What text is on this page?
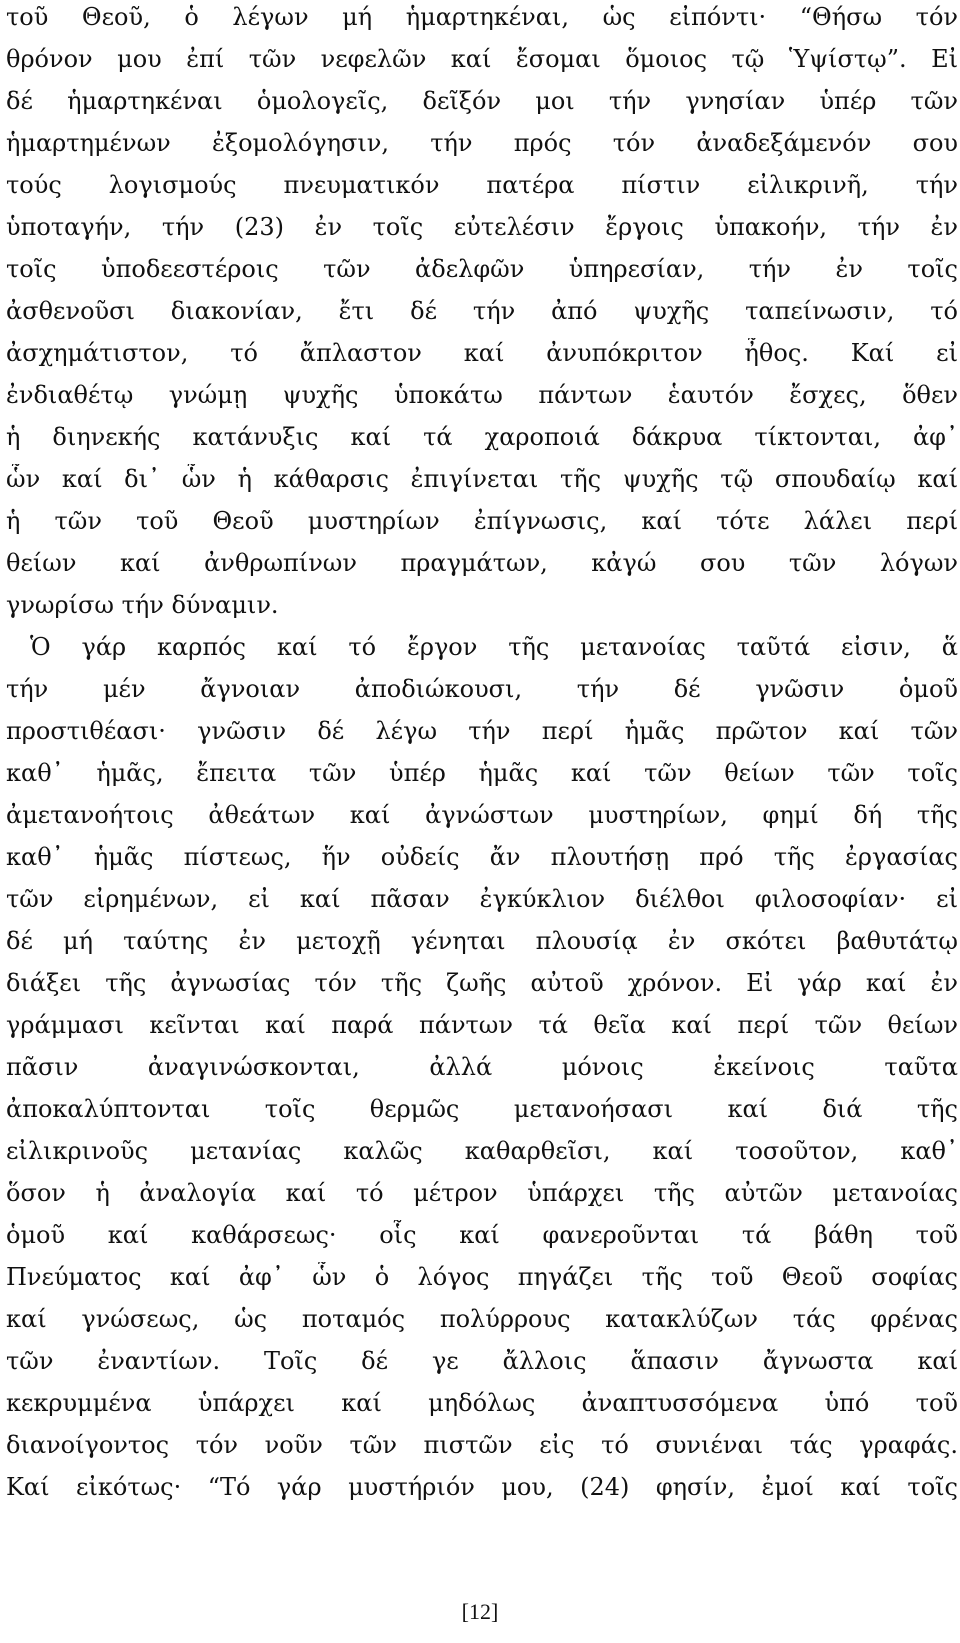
τοῦ Θεοῦ, ὁ λέγων μή ἡμαρτηκέναι, ὡς εἰπόντι· “Θήσω τόν
θρόνον μου ἐπί τῶν νεφελῶν καί ἔσομαι ὅμοιος τῷ Ὑψίστῳ”. Εἰ
δέ ἡμαρτηκέναι ὁμολογεῖς, δεῖξόν μοι τήν γνησίαν ὑπέρ τῶν
ἡμαρτημένων ἐξομολόγησιν, τήν πρός τόν ἀναδεξάμενόν σου
τούς λογισμούς πνευματικόν πατέρα πίστιν εἰλικρινῆ, τήν
ὑποταγήν, τήν (23) ἐν τοῖς εὐτελέσιν ἔργοις ὑπακοήν, τήν ἐν
τοῖς ὑποδεεστέροις τῶν ἀδελφῶν ὑπηρεσίαν, τήν ἐν τοῖς
ἀσθενοῦσι διακονίαν, ἔτι δέ τήν ἀπό ψυχῆς ταπείνωσιν, τό
ἀσχημάτιστον, τό ἄπλαστον καί ἀνυπόκριτον ἦθος. Καί εἰ
ἐνδιαθέτῳ γνώμῃ ψυχῆς ὑποκάτω πάντων ἑαυτόν ἔσχες, ὅθεν
ἡ διηνεκής κατάνυξις καί τά χαροποιά δάκρυα τίκτονται, ἀφ᾽
ὧν καί δι᾽ ὧν ἡ κάθαρσις ἐπιγίνεται τῆς ψυχῆς τῷ σπουδαίῳ καί
ἡ τῶν τοῦ Θεοῦ μυστηρίων ἐπίγνωσις, καί τότε λάλει περί
θείων καί ἀνθρωπίνων πραγμάτων, κἀγώ σου τῶν λόγων
γνωρίσω τήν δύναμιν.
Ὁ γάρ καρπός καί τό ἔργον τῆς μετανοίας ταῦτά εἰσιν, ἅ
τήν μέν ἄγνοιαν ἀποδιώκουσι, τήν δέ γνῶσιν ὁμοῦ
προστιθέασι· γνῶσιν δέ λέγω τήν περί ἡμᾶς πρῶτον καί τῶν
καθ᾽ ἡμᾶς, ἔπειτα τῶν ὑπέρ ἡμᾶς καί τῶν θείων τῶν τοῖς
ἀμετανοήτοις ἀθεάτων καί ἀγνώστων μυστηρίων, φημί δή τῆς
καθ᾽ ἡμᾶς πίστεως, ἥν οὐδείς ἄν πλουτήσῃ πρό τῆς ἐργασίας
τῶν εἰρημένων, εἰ καί πᾶσαν ἐγκύκλιον διέλθοι φιλοσοφίαν· εἰ
δέ μή ταύτης ἐν μετοχῇ γένηται πλουσίᾳ ἐν σκότει βαθυτάτῳ
διάξει τῆς ἀγνωσίας τόν τῆς ζωῆς αὐτοῦ χρόνον. Εἰ γάρ καί ἐν
γράμμασι κεῖνται καί παρά πάντων τά θεῖα καί περί τῶν θείων
πᾶσιν ἀναγινώσκονται, ἀλλά μόνοις ἐκείνοις ταῦτα
ἀποκαλύπτονται τοῖς θερμῶς μετανοήσασι καί διά τῆς
εἰλικρινοῦς μετανίας καλῶς καθαρθεῖσι, καί τοσοῦτον, καθ᾽
ὅσον ἡ ἀναλογία καί τό μέτρον ὑπάρχει τῆς αὐτῶν μετανοίας
ὁμοῦ καί καθάρσεως· οἷς καί φανεροῦνται τά βάθη τοῦ
Πνεύματος καί ἀφ᾽ ὧν ὁ λόγος πηγάζει τῆς τοῦ Θεοῦ σοφίας
καί γνώσεως, ὡς ποταμός πολύρρους κατακλύζων τάς φρένας
τῶν ἐναντίων. Τοῖς δέ γε ἄλλοις ἅπασιν ἄγνωστα καί
κεκρυμμένα ὑπάρχει καί μηδόλως ἀναπτυσσόμενα ὑπό τοῦ
διανοίγοντος τόν νοῦν τῶν πιστῶν εἰς τό συνιέναι τάς γραφάς.
Καί εἰκότως· “Τό γάρ μυστήριόν μου, (24) φησίν, ἐμοί καί τοῖς
[12]
